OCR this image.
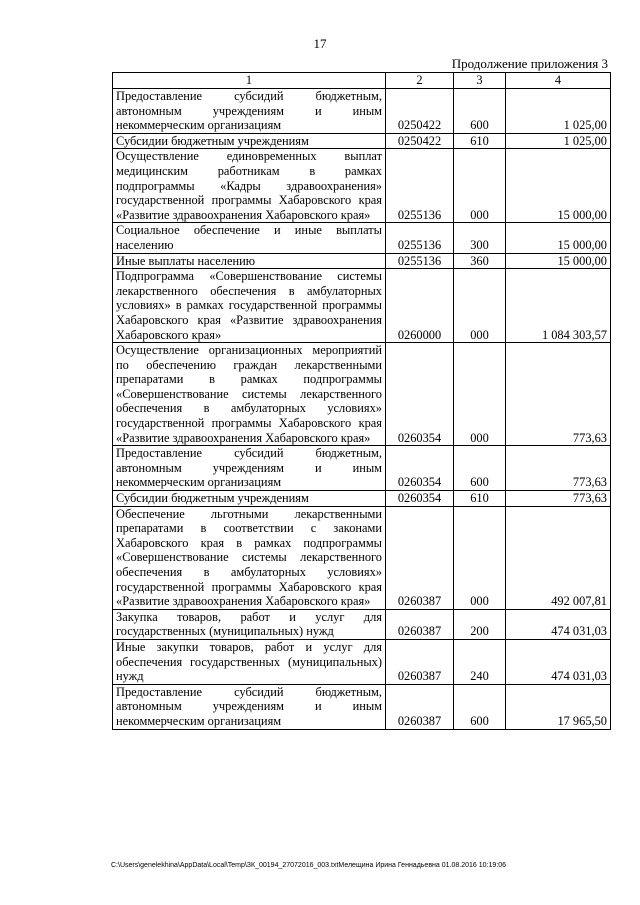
17
Продолжение приложения 3
1	2	3	4
Предоставление субсидий бюджетным, автономным учреждениям и иным некоммерческим организациям	0250422	600	1 025,00
Субсидии бюджетным учреждениям	0250422	610	1 025,00
Осуществление единовременных выплат медицинским работникам в рамках подпрограммы «Кадры здравоохранения» государственной программы Хабаровского края «Развитие здравоохранения Хабаровского края»	0255136	000	15 000,00
Социальное обеспечение и иные выплаты населению	0255136	300	15 000,00
Иные выплаты населению	0255136	360	15 000,00
Подпрограмма «Совершенствование системы лекарственного обеспечения в амбулаторных условиях» в рамках государственной программы Хабаровского края «Развитие здравоохранения Хабаровского края»	0260000	000	1 084 303,57
Осуществление организационных мероприятий по обеспечению граждан лекарственными препаратами в рамках подпрограммы «Совершенствование системы лекарственного обеспечения в амбулаторных условиях» государственной программы Хабаровского края «Развитие здравоохранения Хабаровского края»	0260354	000	773,63
Предоставление субсидий бюджетным, автономным учреждениям и иным некоммерческим организациям	0260354	600	773,63
Субсидии бюджетным учреждениям	0260354	610	773,63
Обеспечение льготными лекарственными препаратами в соответствии с законами Хабаровского края в рамках подпрограммы «Совершенствование системы лекарственного обеспечения в амбулаторных условиях» государственной программы Хабаровского края «Развитие здравоохранения Хабаровского края»	0260387	000	492 007,81
Закупка товаров, работ и услуг для государственных (муниципальных) нужд	0260387	200	474 031,03
Иные закупки товаров, работ и услуг для обеспечения государственных (муниципальных) нужд	0260387	240	474 031,03
Предоставление субсидий бюджетным, автономным учреждениям и иным некоммерческим организациям	0260387	600	17 965,50
C:\Users\genelekhina\AppData\Local\Temp\ЗК_00194_27072016_003.txtМелещина Ирина Геннадьевна 01.08.2016 10:19:06
